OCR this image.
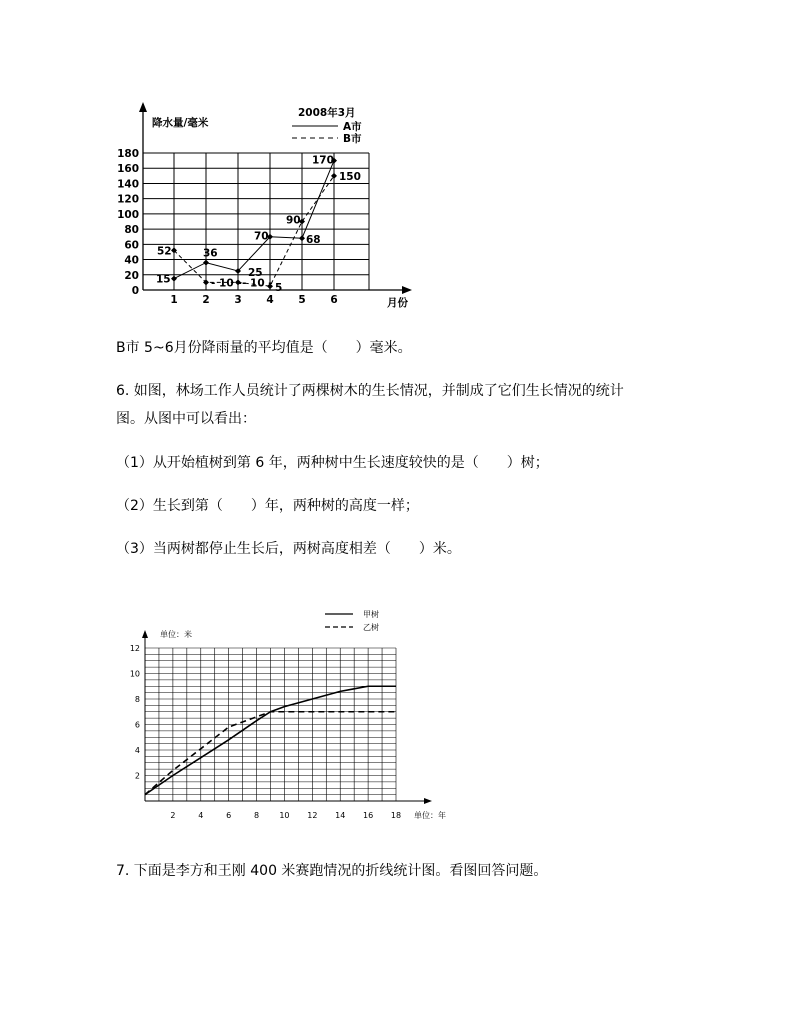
0
20
40
60
80
100
120
140
160
180
1 2 3 4 5 6
降水量/毫米
月份
2008年3月
A市
B市
15
36
25
70	68
170
52
- 10 - - 10 - 5
90
150
B市 5~6月份降雨量的平均值是（　　）毫米。
6. 如图，林场工作人员统计了两棵树木的生长情况，并制成了它们生长情况的统计
图。从图中可以看出：
（1）从开始植树到第 6 年，两种树中生长速度较快的是（　　）树；
（2）生长到第（　　）年，两种树的高度一样；
（3）当两树都停止生长后，两树高度相差（　　）米。
2	4	6	8	10 12 14 16 18
2
4
6
8
10
12
单位：米
单位：年
甲树
乙树
7. 下面是李方和王刚 400 米赛跑情况的折线统计图。看图回答问题。
